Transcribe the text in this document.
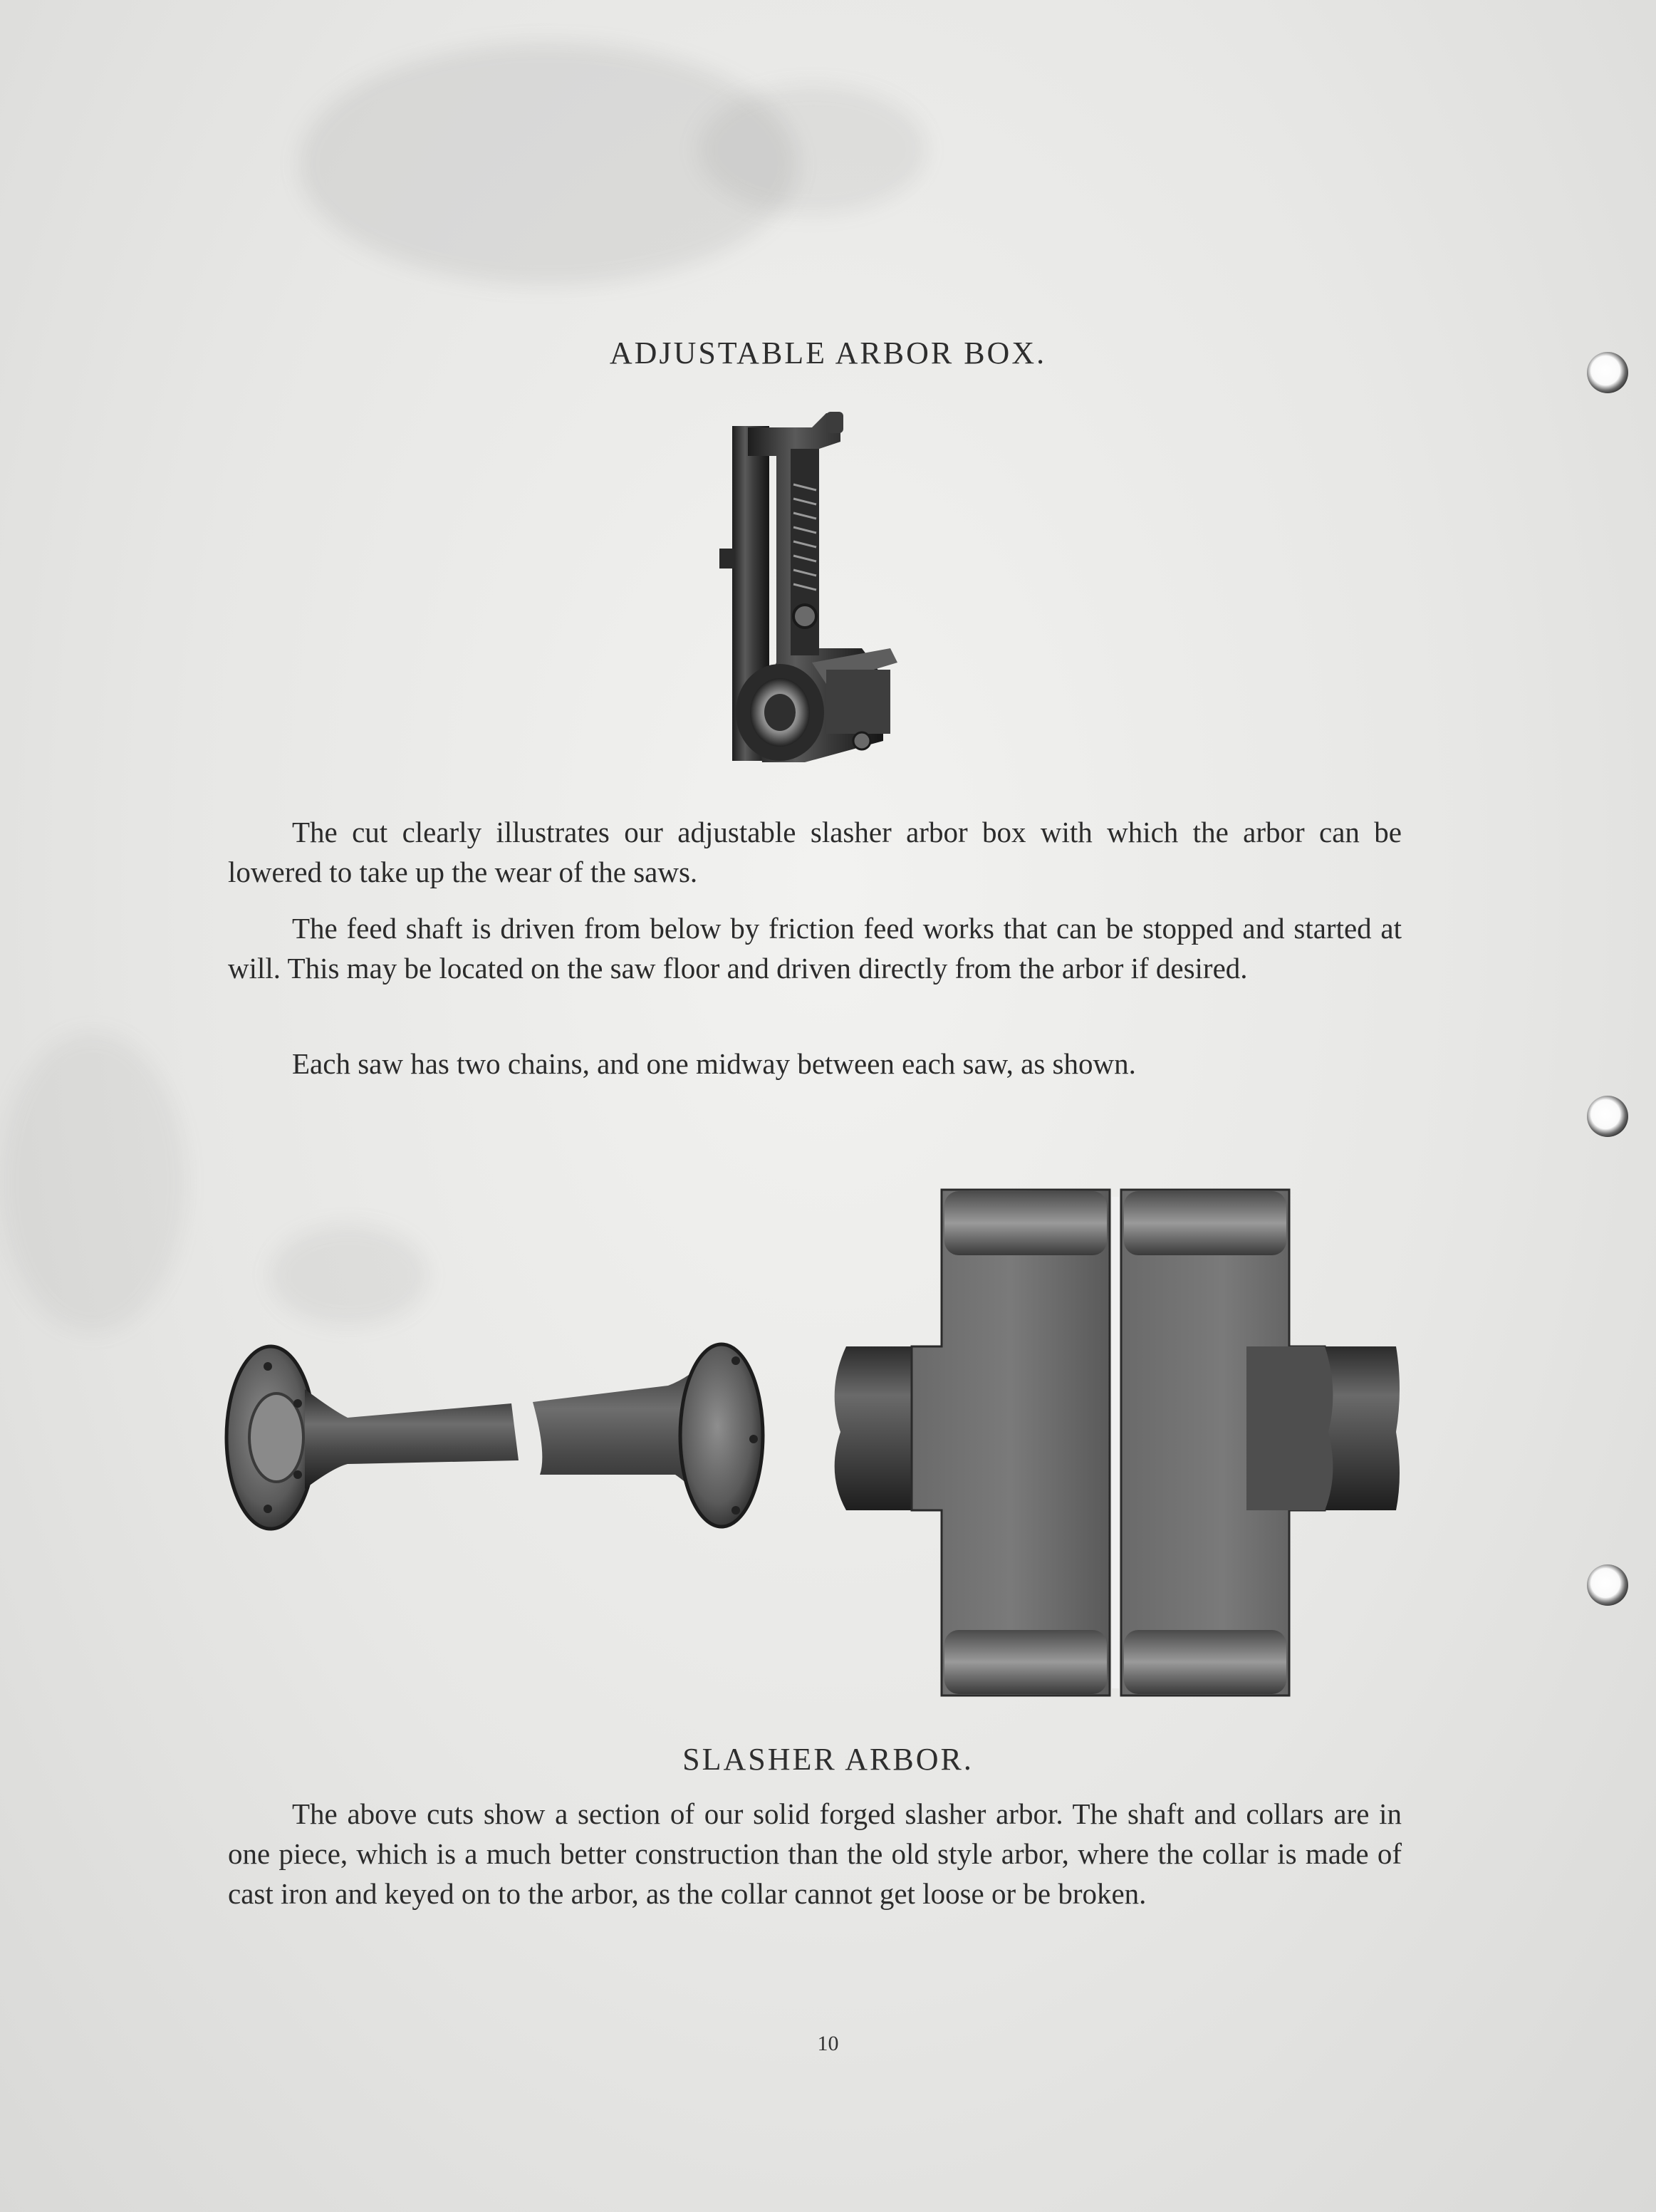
ADJUSTABLE ARBOR BOX.

The cut clearly illustrates our adjustable slasher arbor box with which the arbor can be lowered to take up the wear of the saws.

The feed shaft is driven from below by friction feed works that can be stopped and started at will. This may be located on the saw floor and driven directly from the arbor if desired.

Each saw has two chains, and one midway between each saw, as shown.

SLASHER ARBOR.

The above cuts show a section of our solid forged slasher arbor. The shaft and collars are in one piece, which is a much better construction than the old style arbor, where the collar is made of cast iron and keyed on to the arbor, as the collar cannot get loose or be broken.

10
